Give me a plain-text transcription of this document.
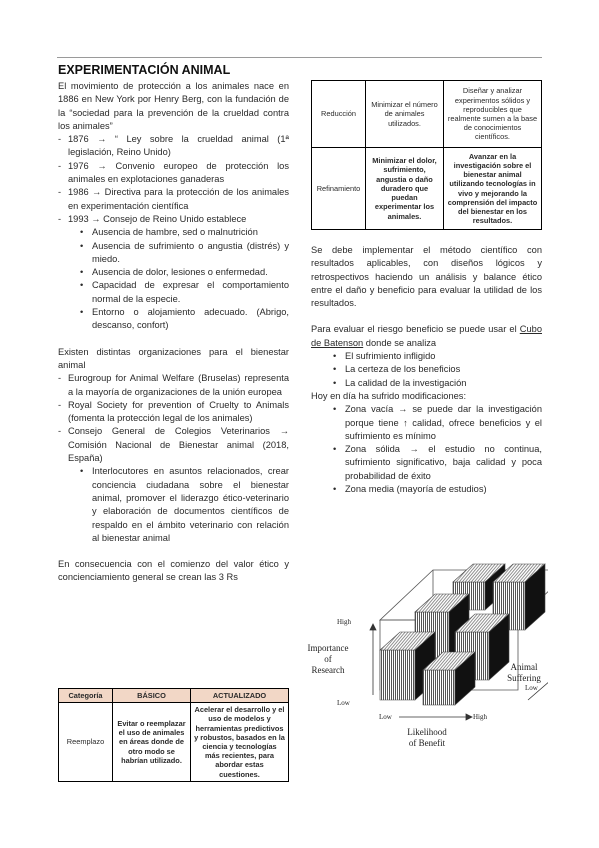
EXPERIMENTACIÓN ANIMAL

El movimiento de protección a los animales nace en 1886 en New York por Henry Berg, con la fundación de la “sociedad para la prevención de la crueldad contra los animales”

- 1876 → “ Ley sobre la crueldad animal (1ª legislación, Reino Unido)
- 1976 → Convenio europeo de protección los animales en explotaciones ganaderas
- 1986 → Directiva para la protección de los animales en experimentación científica
- 1993 → Consejo de Reino Unido establece
• Ausencia de hambre, sed o malnutrición
• Ausencia de sufrimiento o angustia (distrés) y miedo.
• Ausencia de dolor, lesiones o enfermedad.
• Capacidad de expresar el comportamiento normal de la especie.
• Entorno o alojamiento adecuado. (Abrigo, descanso, confort)

Existen distintas organizaciones para el bienestar animal

- Eurogroup for Animal Welfare (Bruselas) representa a la mayoría de organizaciones de la unión europea
- Royal Society for prevention of Cruelty to Animals (fomenta la protección legal de los animales)
- Consejo General de Colegios Veterinarios → Comisión Nacional de Bienestar animal (2018, España)
• Interlocutores en asuntos relacionados, crear conciencia ciudadana sobre el bienestar animal, promover el liderazgo ético-veterinario y elaboración de documentos científicos de respaldo en el ámbito veterinario con relación al bienestar animal

En consecuencia con el comienzo del valor ético y concienciamiento general se crean las 3 Rs

Categoría	BÁSICO	ACTUALIZADO
Reemplazo	Evitar o reemplazar el uso de animales en áreas donde de otro modo se habrían utilizado.	Acelerar el desarrollo y el uso de modelos y herramientas predictivos y robustos, basados en la ciencia y tecnologías más recientes, para abordar estas cuestiones.
Reducción	Minimizar el número de animales utilizados.	Diseñar y analizar experimentos sólidos y reproducibles que realmente sumen a la base de conocimientos científicos.
Refinamiento	Minimizar el dolor, sufrimiento, angustia o daño duradero que puedan experimentar los animales.	Avanzar en la investigación sobre el bienestar animal utilizando tecnologías in vivo y mejorando la comprensión del impacto del bienestar en los resultados.

Se debe implementar el método científico con resultados aplicables, con diseños lógicos y retrospectivos haciendo un análisis y balance ético entre el daño y beneficio para evaluar la utilidad de los resultados.

Para evaluar el riesgo beneficio se puede usar el Cubo de Batenson donde se analiza

• El sufrimiento infligido
• La certeza de los beneficios
• La calidad de la investigación

Hoy en día ha sufrido modificaciones:

• Zona vacía → se puede dar la investigación porque tiene ↑ calidad, ofrece beneficios y el sufrimiento es mínimo
• Zona sólida → el estudio no continua, sufrimiento significativo, baja calidad y poca probabilidad de éxito
• Zona media (mayoría de estudios)
High
Low
Importance
of
Research
Low	High
Likelihood
of Benefit
Low
Animal
Suffering
